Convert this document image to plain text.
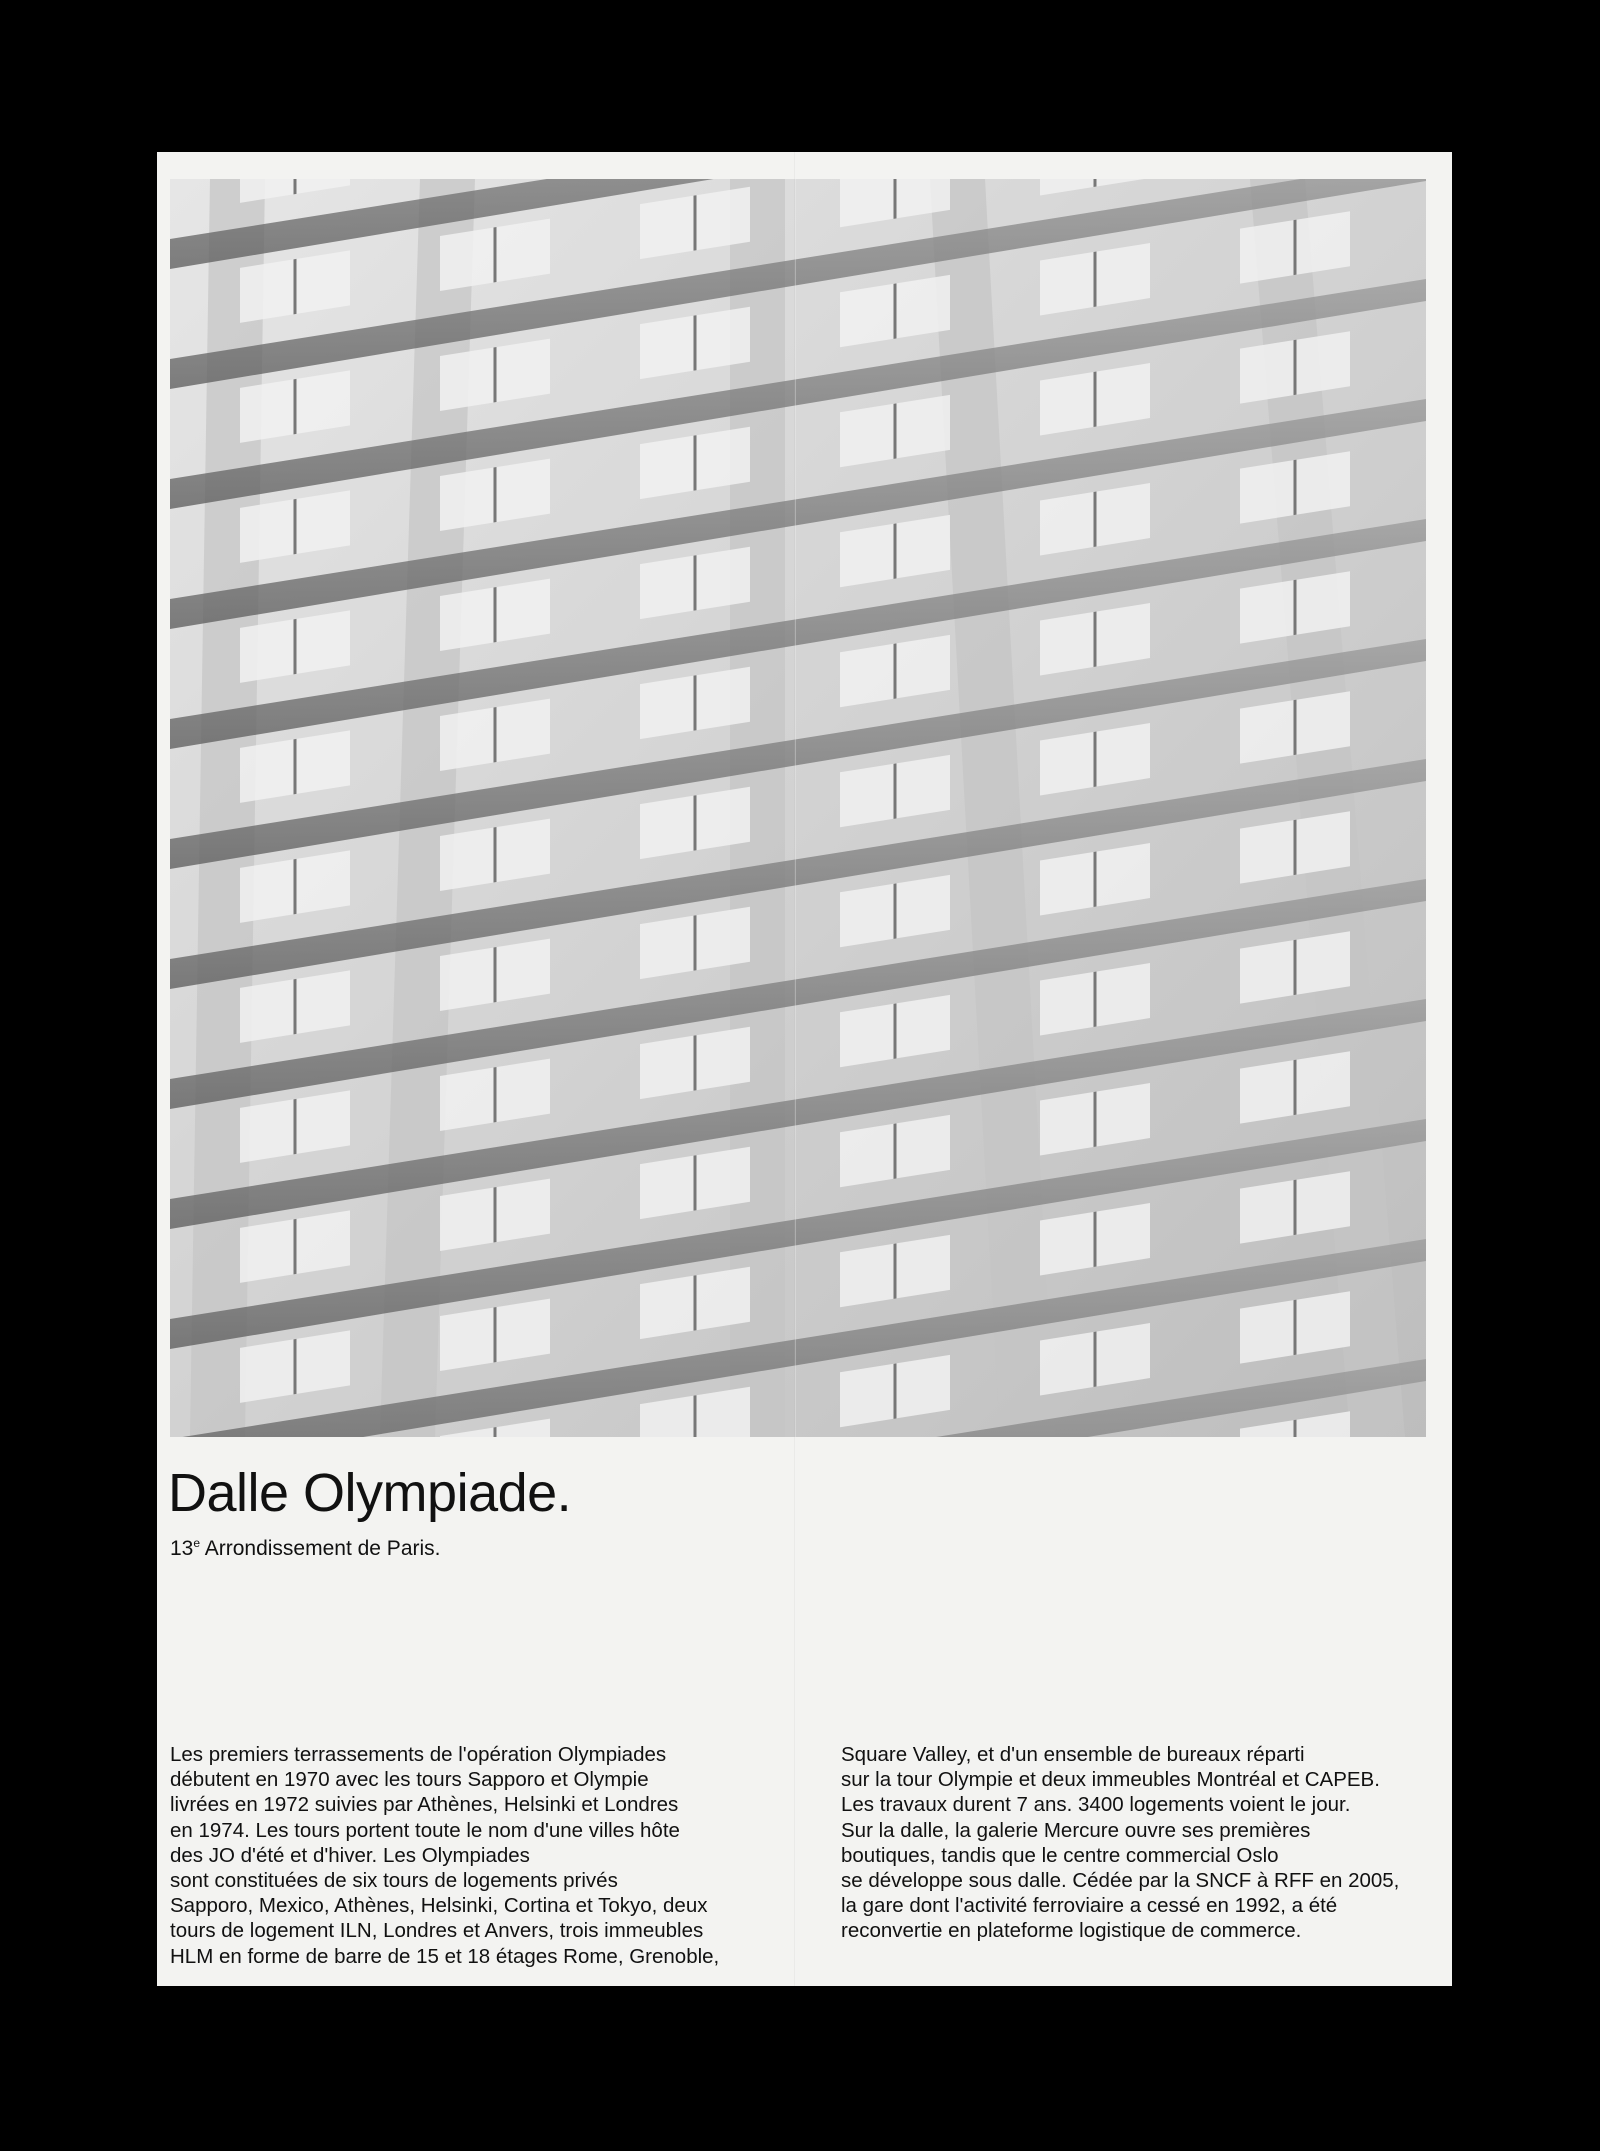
Dalle Olympiade.

13e Arrondissement de Paris.

Les premiers terrassements de l'opération Olympiades
débutent en 1970 avec les tours Sapporo et Olympie
livrées en 1972 suivies par Athènes, Helsinki et Londres
en 1974. Les tours portent toute le nom d'une villes hôte
des JO d'été et d'hiver. Les Olympiades
sont constituées de six tours de logements privés
Sapporo, Mexico, Athènes, Helsinki, Cortina et Tokyo, deux
tours de logement ILN, Londres et Anvers, trois immeubles
HLM en forme de barre de 15 et 18 étages Rome, Grenoble,
Square Valley, et d'un ensemble de bureaux réparti
sur la tour Olympie et deux immeubles Montréal et CAPEB.
Les travaux durent 7 ans. 3400 logements voient le jour.
Sur la dalle, la galerie Mercure ouvre ses premières
boutiques, tandis que le centre commercial Oslo
se développe sous dalle. Cédée par la SNCF à RFF en 2005,
la gare dont l'activité ferroviaire a cessé en 1992, a été
reconvertie en plateforme logistique de commerce.
